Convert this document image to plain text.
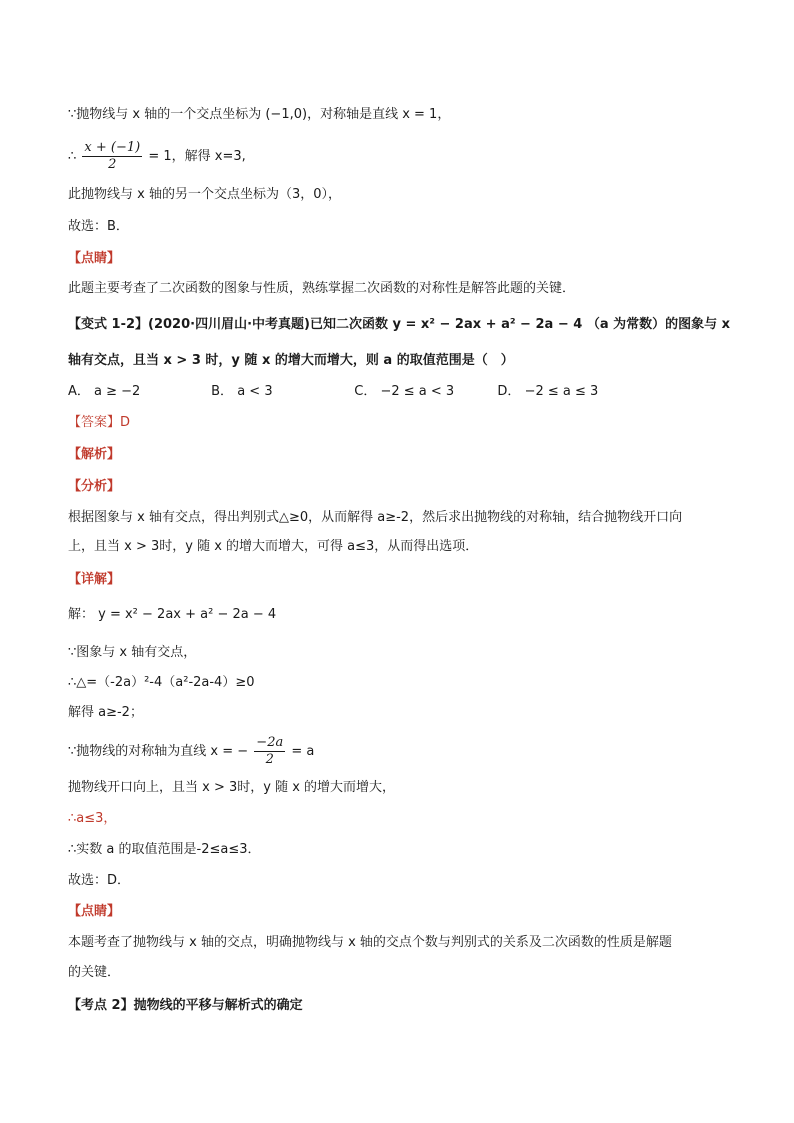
∵抛物线与 x 轴的一个交点坐标为 (−1,0)，对称轴是直线 x = 1，
∴ $\frac{x + (-1)}{2} = 1$，解得 x=3,
此抛物线与 x 轴的另一个交点坐标为（3，0），
故选：B．
【点睛】
此题主要考查了二次函数的图象与性质，熟练掌握二次函数的对称性是解答此题的关键．
【变式 1-2】(2020·四川眉山·中考真题)已知二次函数 y = x² − 2ax + a² − 2a − 4 （a 为常数）的图象与 x
轴有交点，且当 x > 3 时，y 随 x 的增大而增大，则 a 的取值范围是（　）
A． a ≥ −2	B． a < 3	C． −2 ≤ a < 3	D． −2 ≤ a ≤ 3
【答案】D
【解析】
【分析】
根据图象与 x 轴有交点，得出判别式△≥0，从而解得 a≥-2，然后求出抛物线的对称轴，结合抛物线开口向
上，且当 x > 3时，y 随 x 的增大而增大，可得 a≤3，从而得出选项．
【详解】
解： y = x² − 2ax + a² − 2a − 4
∵图象与 x 轴有交点，
∴△=（-2a）²-4（a²-2a-4）≥0
解得 a≥-2；
∵抛物线的对称轴为直线 x = − $\frac{-2a}{2} = a$
抛物线开口向上，且当 x > 3时，y 随 x 的增大而增大，
∴a≤3，
∴实数 a 的取值范围是-2≤a≤3．
故选：D．
【点睛】
本题考查了抛物线与 x 轴的交点，明确抛物线与 x 轴的交点个数与判别式的关系及二次函数的性质是解题
的关键．
【考点 2】抛物线的平移与解析式的确定
